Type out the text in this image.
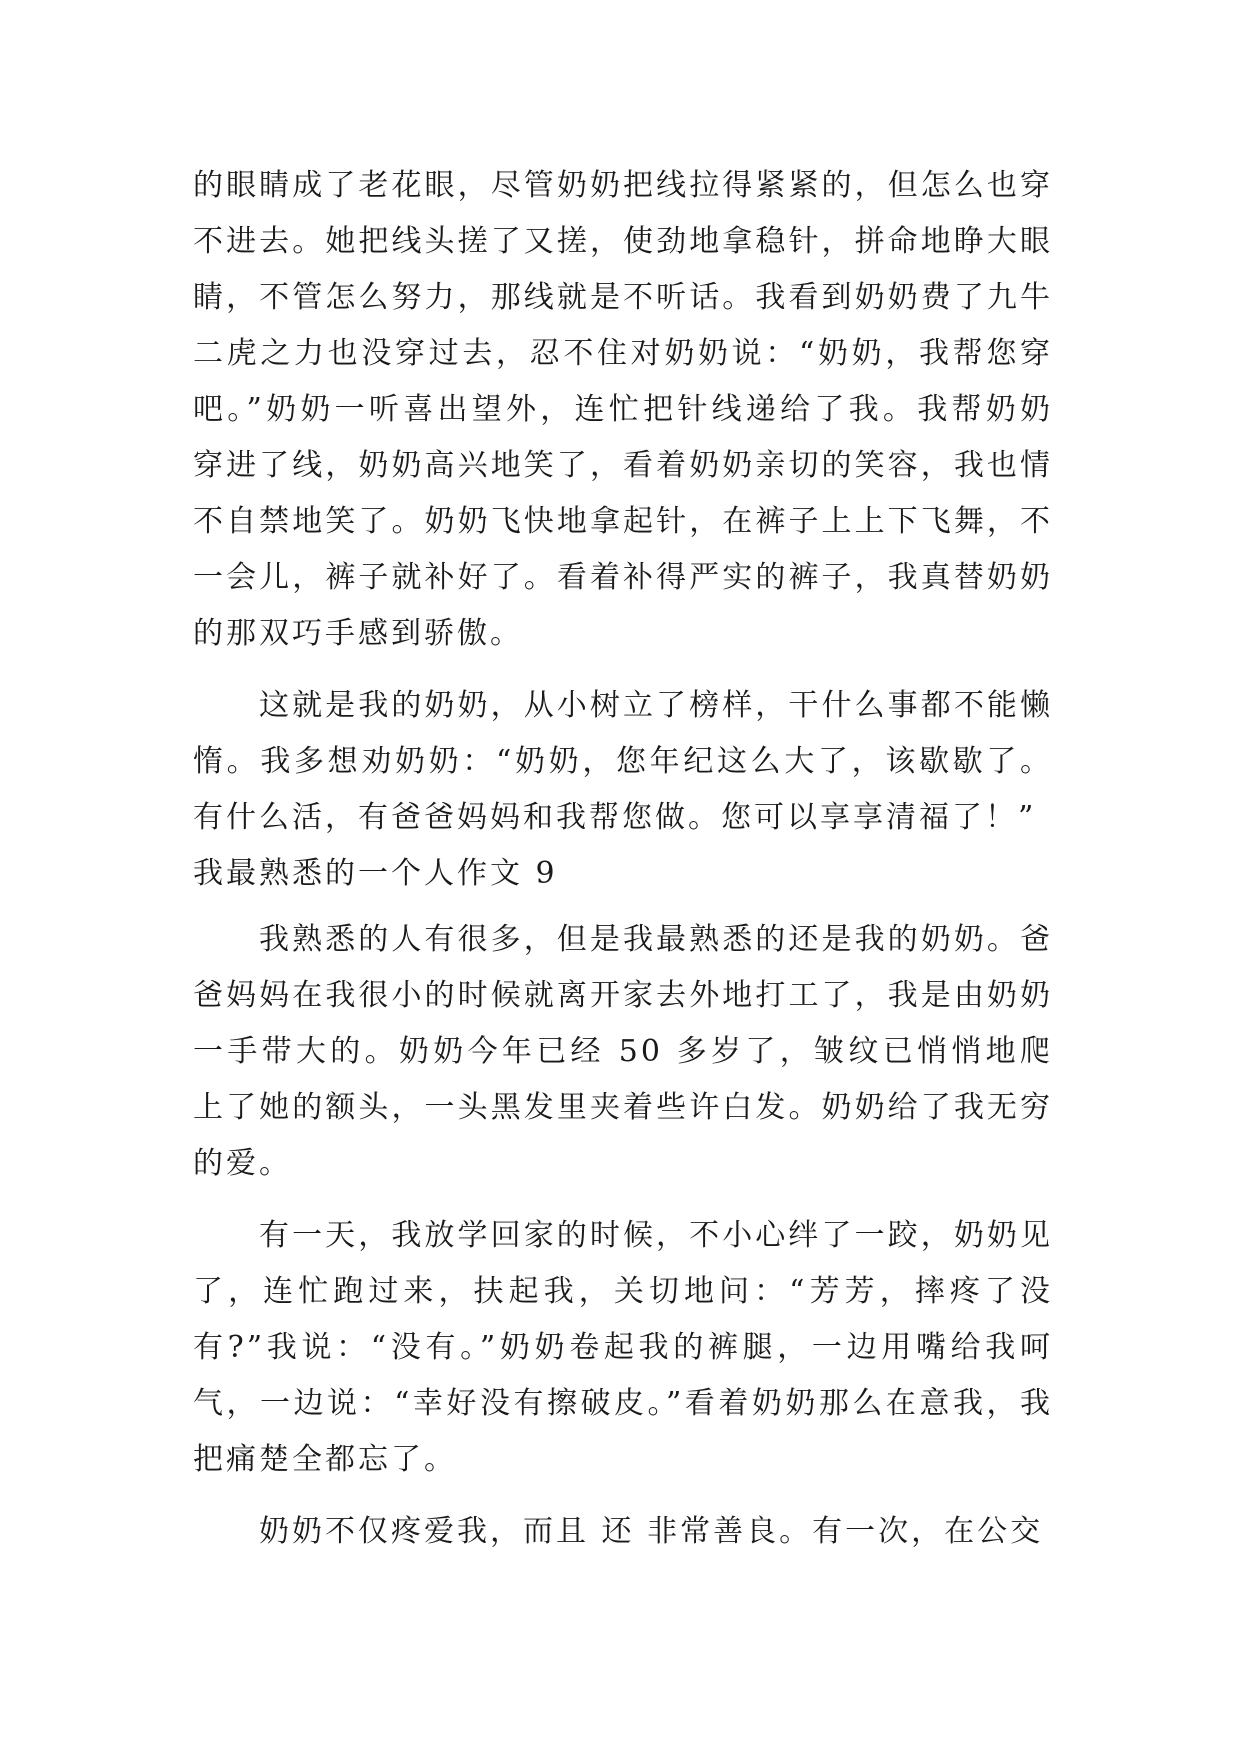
的眼睛成了老花眼，尽管奶奶把线拉得紧紧的，但怎么也穿不进去。她把线头搓了又搓，使劲地拿稳针，拼命地睁大眼睛，不管怎么努力，那线就是不听话。我看到奶奶费了九牛二虎之力也没穿过去，忍不住对奶奶说：“奶奶，我帮您穿吧。”奶奶一听喜出望外，连忙把针线递给了我。我帮奶奶穿进了线，奶奶高兴地笑了，看着奶奶亲切的笑容，我也情不自禁地笑了。奶奶飞快地拿起针，在裤子上上下飞舞，不一会儿，裤子就补好了。看着补得严实的裤子，我真替奶奶的那双巧手感到骄傲。

这就是我的奶奶，从小树立了榜样，干什么事都不能懒惰。我多想劝奶奶：“奶奶，您年纪这么大了，该歇歇了。有什么活，有爸爸妈妈和我帮您做。您可以享享清福了！”

我最熟悉的一个人作文 9

我熟悉的人有很多，但是我最熟悉的还是我的奶奶。爸爸妈妈在我很小的时候就离开家去外地打工了，我是由奶奶一手带大的。奶奶今年已经 50 多岁了，皱纹已悄悄地爬上了她的额头，一头黑发里夹着些许白发。奶奶给了我无穷的爱。

有一天，我放学回家的时候，不小心绊了一跤，奶奶见了，连忙跑过来，扶起我，关切地问：“芳芳，摔疼了没有?”我说：“没有。”奶奶卷起我的裤腿，一边用嘴给我呵气，一边说：“幸好没有擦破皮。”看着奶奶那么在意我，我把痛楚全都忘了。

奶奶不仅疼爱我，而且 还 非常善良。有一次，在公交
